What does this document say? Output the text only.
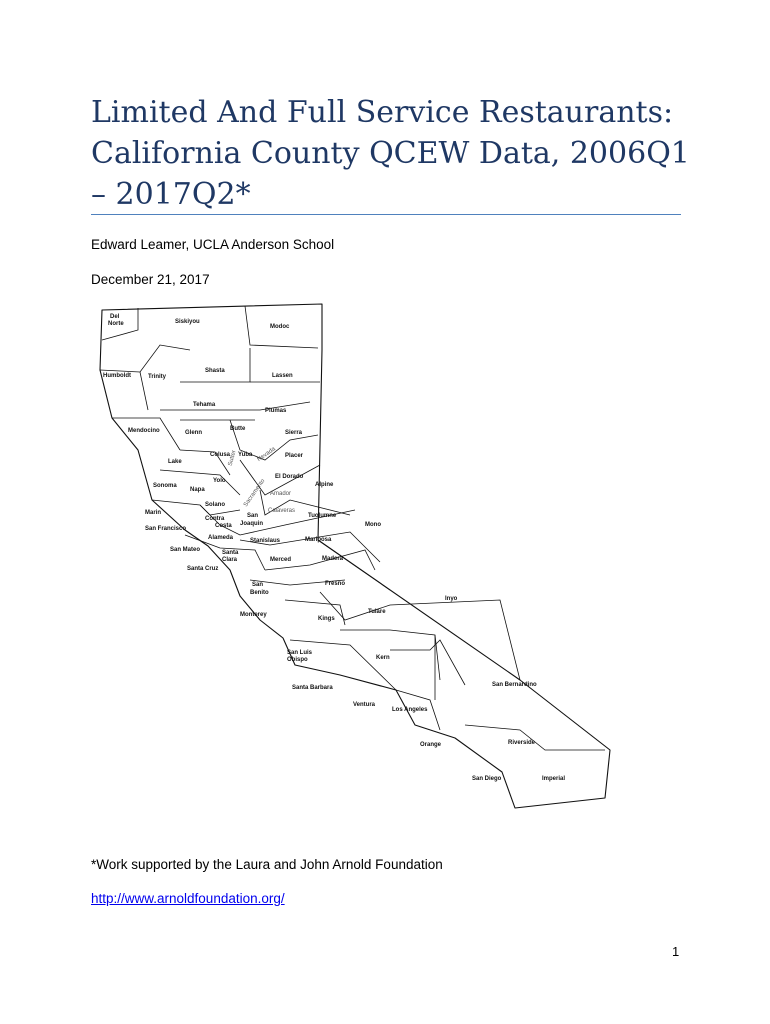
Limited And Full Service Restaurants: California County QCEW Data, 2006Q1 – 2017Q2*
Edward Leamer, UCLA Anderson School
December 21, 2017
Del
Norte	Siskiyou
Modoc
Humboldt	Trinity
Shasta
Lassen
Tehama
Plumas
Mendocino	Glenn
Butte
Sierra
Colusa Yuba
Sutter	Nevada Placer
Lake
Yolo
El Dorado
Alpine
Sonoma
Napa	Sacramento Amador
Solano
Calaveras
Marin
Contra
Costa
San
Joaquin
Tuolumne
Mono
San Francisco
Alameda	Stanislaus	Mariposa
San Mateo	Santa
Clara	Merced	Madera
Santa Cruz
Fresno
Inyo
San
Benito
Monterey
Kings
Tulare
San Luis
Obispo	Kern
Santa Barbara	San Bernardino
Ventura
Los Angeles
Orange	Riverside
San Diego	Imperial
*Work supported by the Laura and John Arnold Foundation
http://www.arnoldfoundation.org/
1
